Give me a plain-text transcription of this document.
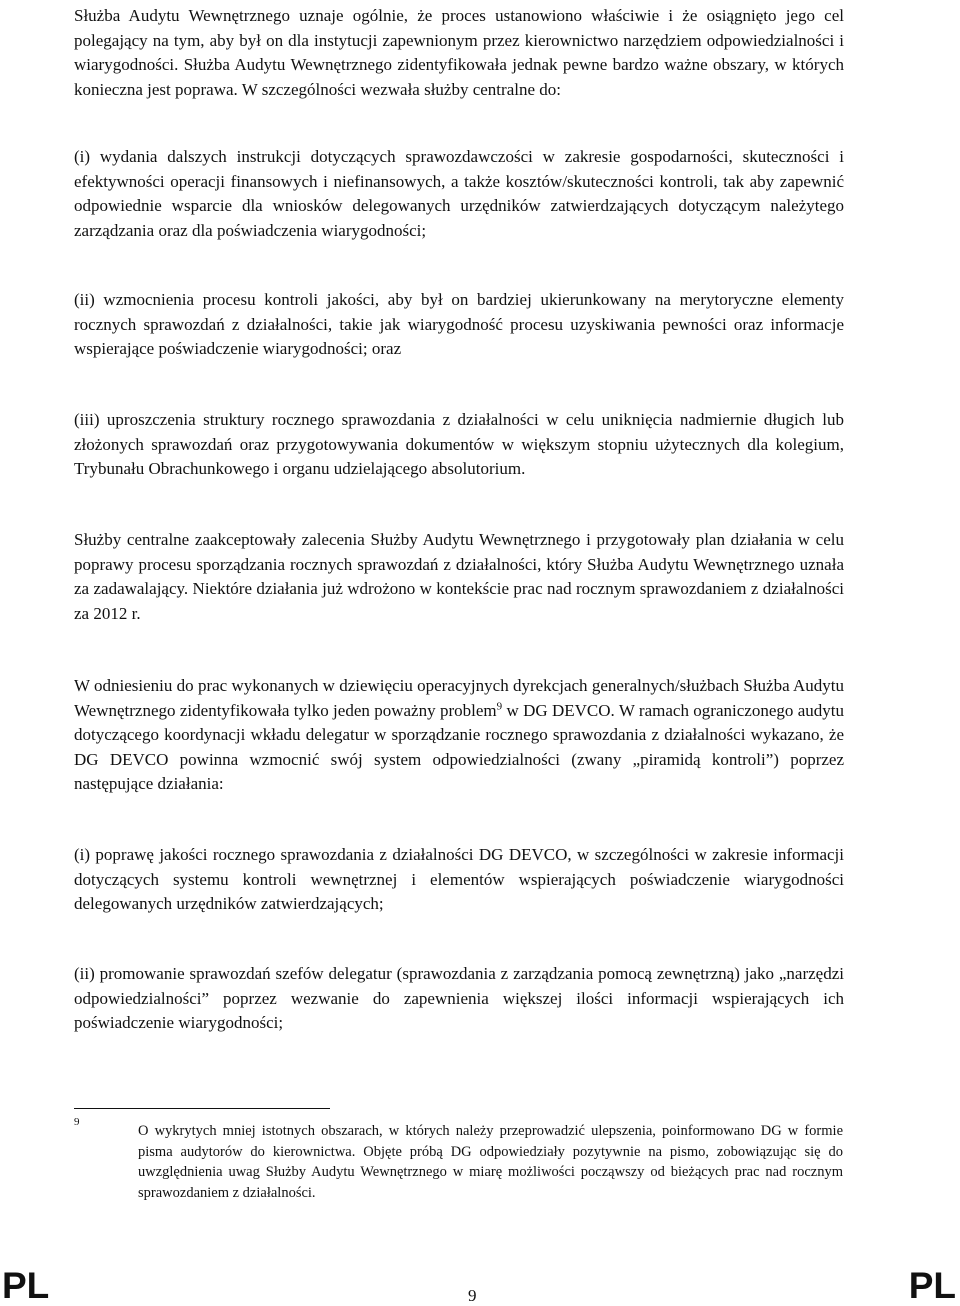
Służba Audytu Wewnętrznego uznaje ogólnie, że proces ustanowiono właściwie i że osiągnięto jego cel polegający na tym, aby był on dla instytucji zapewnionym przez kierownictwo narzędziem odpowiedzialności i wiarygodności. Służba Audytu Wewnętrznego zidentyfikowała jednak pewne bardzo ważne obszary, w których konieczna jest poprawa. W szczególności wezwała służby centralne do:

(i) wydania dalszych instrukcji dotyczących sprawozdawczości w zakresie gospodarności, skuteczności i efektywności operacji finansowych i niefinansowych, a także kosztów/skuteczności kontroli, tak aby zapewnić odpowiednie wsparcie dla wniosków delegowanych urzędników zatwierdzających dotyczącym należytego zarządzania oraz dla poświadczenia wiarygodności;

(ii) wzmocnienia procesu kontroli jakości, aby był on bardziej ukierunkowany na merytoryczne elementy rocznych sprawozdań z działalności, takie jak wiarygodność procesu uzyskiwania pewności oraz informacje wspierające poświadczenie wiarygodności; oraz

(iii) uproszczenia struktury rocznego sprawozdania z działalności w celu uniknięcia nadmiernie długich lub złożonych sprawozdań oraz przygotowywania dokumentów w większym stopniu użytecznych dla kolegium, Trybunału Obrachunkowego i organu udzielającego absolutorium.

Służby centralne zaakceptowały zalecenia Służby Audytu Wewnętrznego i przygotowały plan działania w celu poprawy procesu sporządzania rocznych sprawozdań z działalności, który Służba Audytu Wewnętrznego uznała za zadawalający. Niektóre działania już wdrożono w kontekście prac nad rocznym sprawozdaniem z działalności za 2012 r.

W odniesieniu do prac wykonanych w dziewięciu operacyjnych dyrekcjach generalnych/służbach Służba Audytu Wewnętrznego zidentyfikowała tylko jeden poważny problem$^9$ w DG DEVCO. W ramach ograniczonego audytu dotyczącego koordynacji wkładu delegatur w sporządzanie rocznego sprawozdania z działalności wykazano, że DG DEVCO powinna wzmocnić swój system odpowiedzialności (zwany „piramidą kontroli”) poprzez następujące działania:

(i) poprawę jakości rocznego sprawozdania z działalności DG DEVCO, w szczególności w zakresie informacji dotyczących systemu kontroli wewnętrznej i elementów wspierających poświadczenie wiarygodności delegowanych urzędników zatwierdzających;

(ii) promowanie sprawozdań szefów delegatur (sprawozdania z zarządzania pomocą zewnętrzną) jako „narzędzi odpowiedzialności” poprzez wezwanie do zapewnienia większej ilości informacji wspierających ich poświadczenie wiarygodności;

9

O wykrytych mniej istotnych obszarach, w których należy przeprowadzić ulepszenia, poinformowano DG w formie pisma audytorów do kierownictwa. Objęte próbą DG odpowiedziały pozytywnie na pismo, zobowiązując się do uwzględnienia uwag Służby Audytu Wewnętrznego w miarę możliwości począwszy od bieżących prac nad rocznym sprawozdaniem z działalności.

PL	9	PL
